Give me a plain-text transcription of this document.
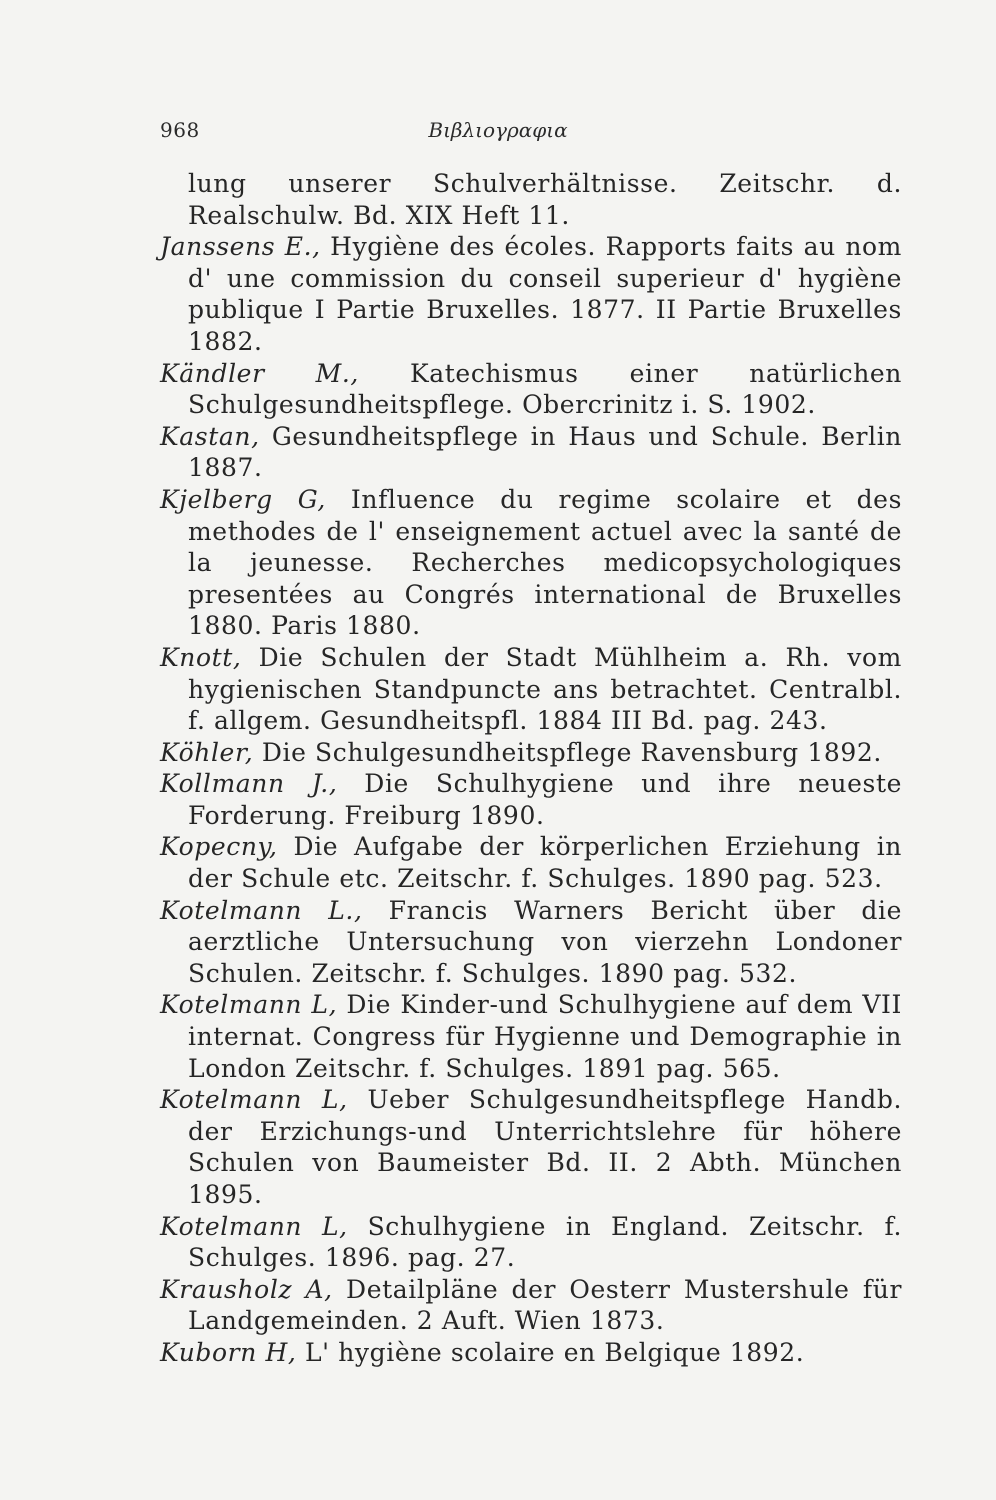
968	Βιβλιογραφια

lung unserer Schulverhältnisse. Zeitschr. d. Realschulw. Bd. XIX Heft 11.

Janssens E., Hygiène des écoles. Rapports faits au nom d' une commission du conseil superieur d' hygiène publique I Partie Bruxelles. 1877. II Partie Bruxelles 1882.

Kändler M., Katechismus einer natürlichen Schulgesundheitspflege. Obercrinitz i. S. 1902.

Kastan, Gesundheitspflege in Haus und Schule. Berlin 1887.

Kjelberg G, Influence du regime scolaire et des methodes de l' enseignement actuel avec la santé de la jeunesse. Recherches medicopsychologiques presentées au Congrés international de Bruxelles 1880. Paris 1880.

Knott, Die Schulen der Stadt Mühlheim a. Rh. vom hygienischen Standpuncte ans betrachtet. Centralbl. f. allgem. Gesundheitspfl. 1884 III Bd. pag. 243.

Köhler, Die Schulgesundheitspflege Ravensburg 1892.

Kollmann J., Die Schulhygiene und ihre neueste Forderung. Freiburg 1890.

Kopecny, Die Aufgabe der körperlichen Erziehung in der Schule etc. Zeitschr. f. Schulges. 1890 pag. 523.

Kotelmann L., Francis Warners Bericht über die aerztliche Untersuchung von vierzehn Londoner Schulen. Zeitschr. f. Schulges. 1890 pag. 532.

Kotelmann L, Die Kinder-und Schulhygiene auf dem VII internat. Congress für Hygienne und Demographie in London Zeitschr. f. Schulges. 1891 pag. 565.

Kotelmann L, Ueber Schulgesundheitspflege Handb. der Erzichungs-und Unterrichtslehre für höhere Schulen von Baumeister Bd. II. 2 Abth. München 1895.

Kotelmann L, Schulhygiene in England. Zeitschr. f. Schulges. 1896. pag. 27.

Krausholz A, Detailpläne der Oesterr Mustershule für Landgemeinden. 2 Auft. Wien 1873.

Kuborn H, L' hygiène scolaire en Belgique 1892.
